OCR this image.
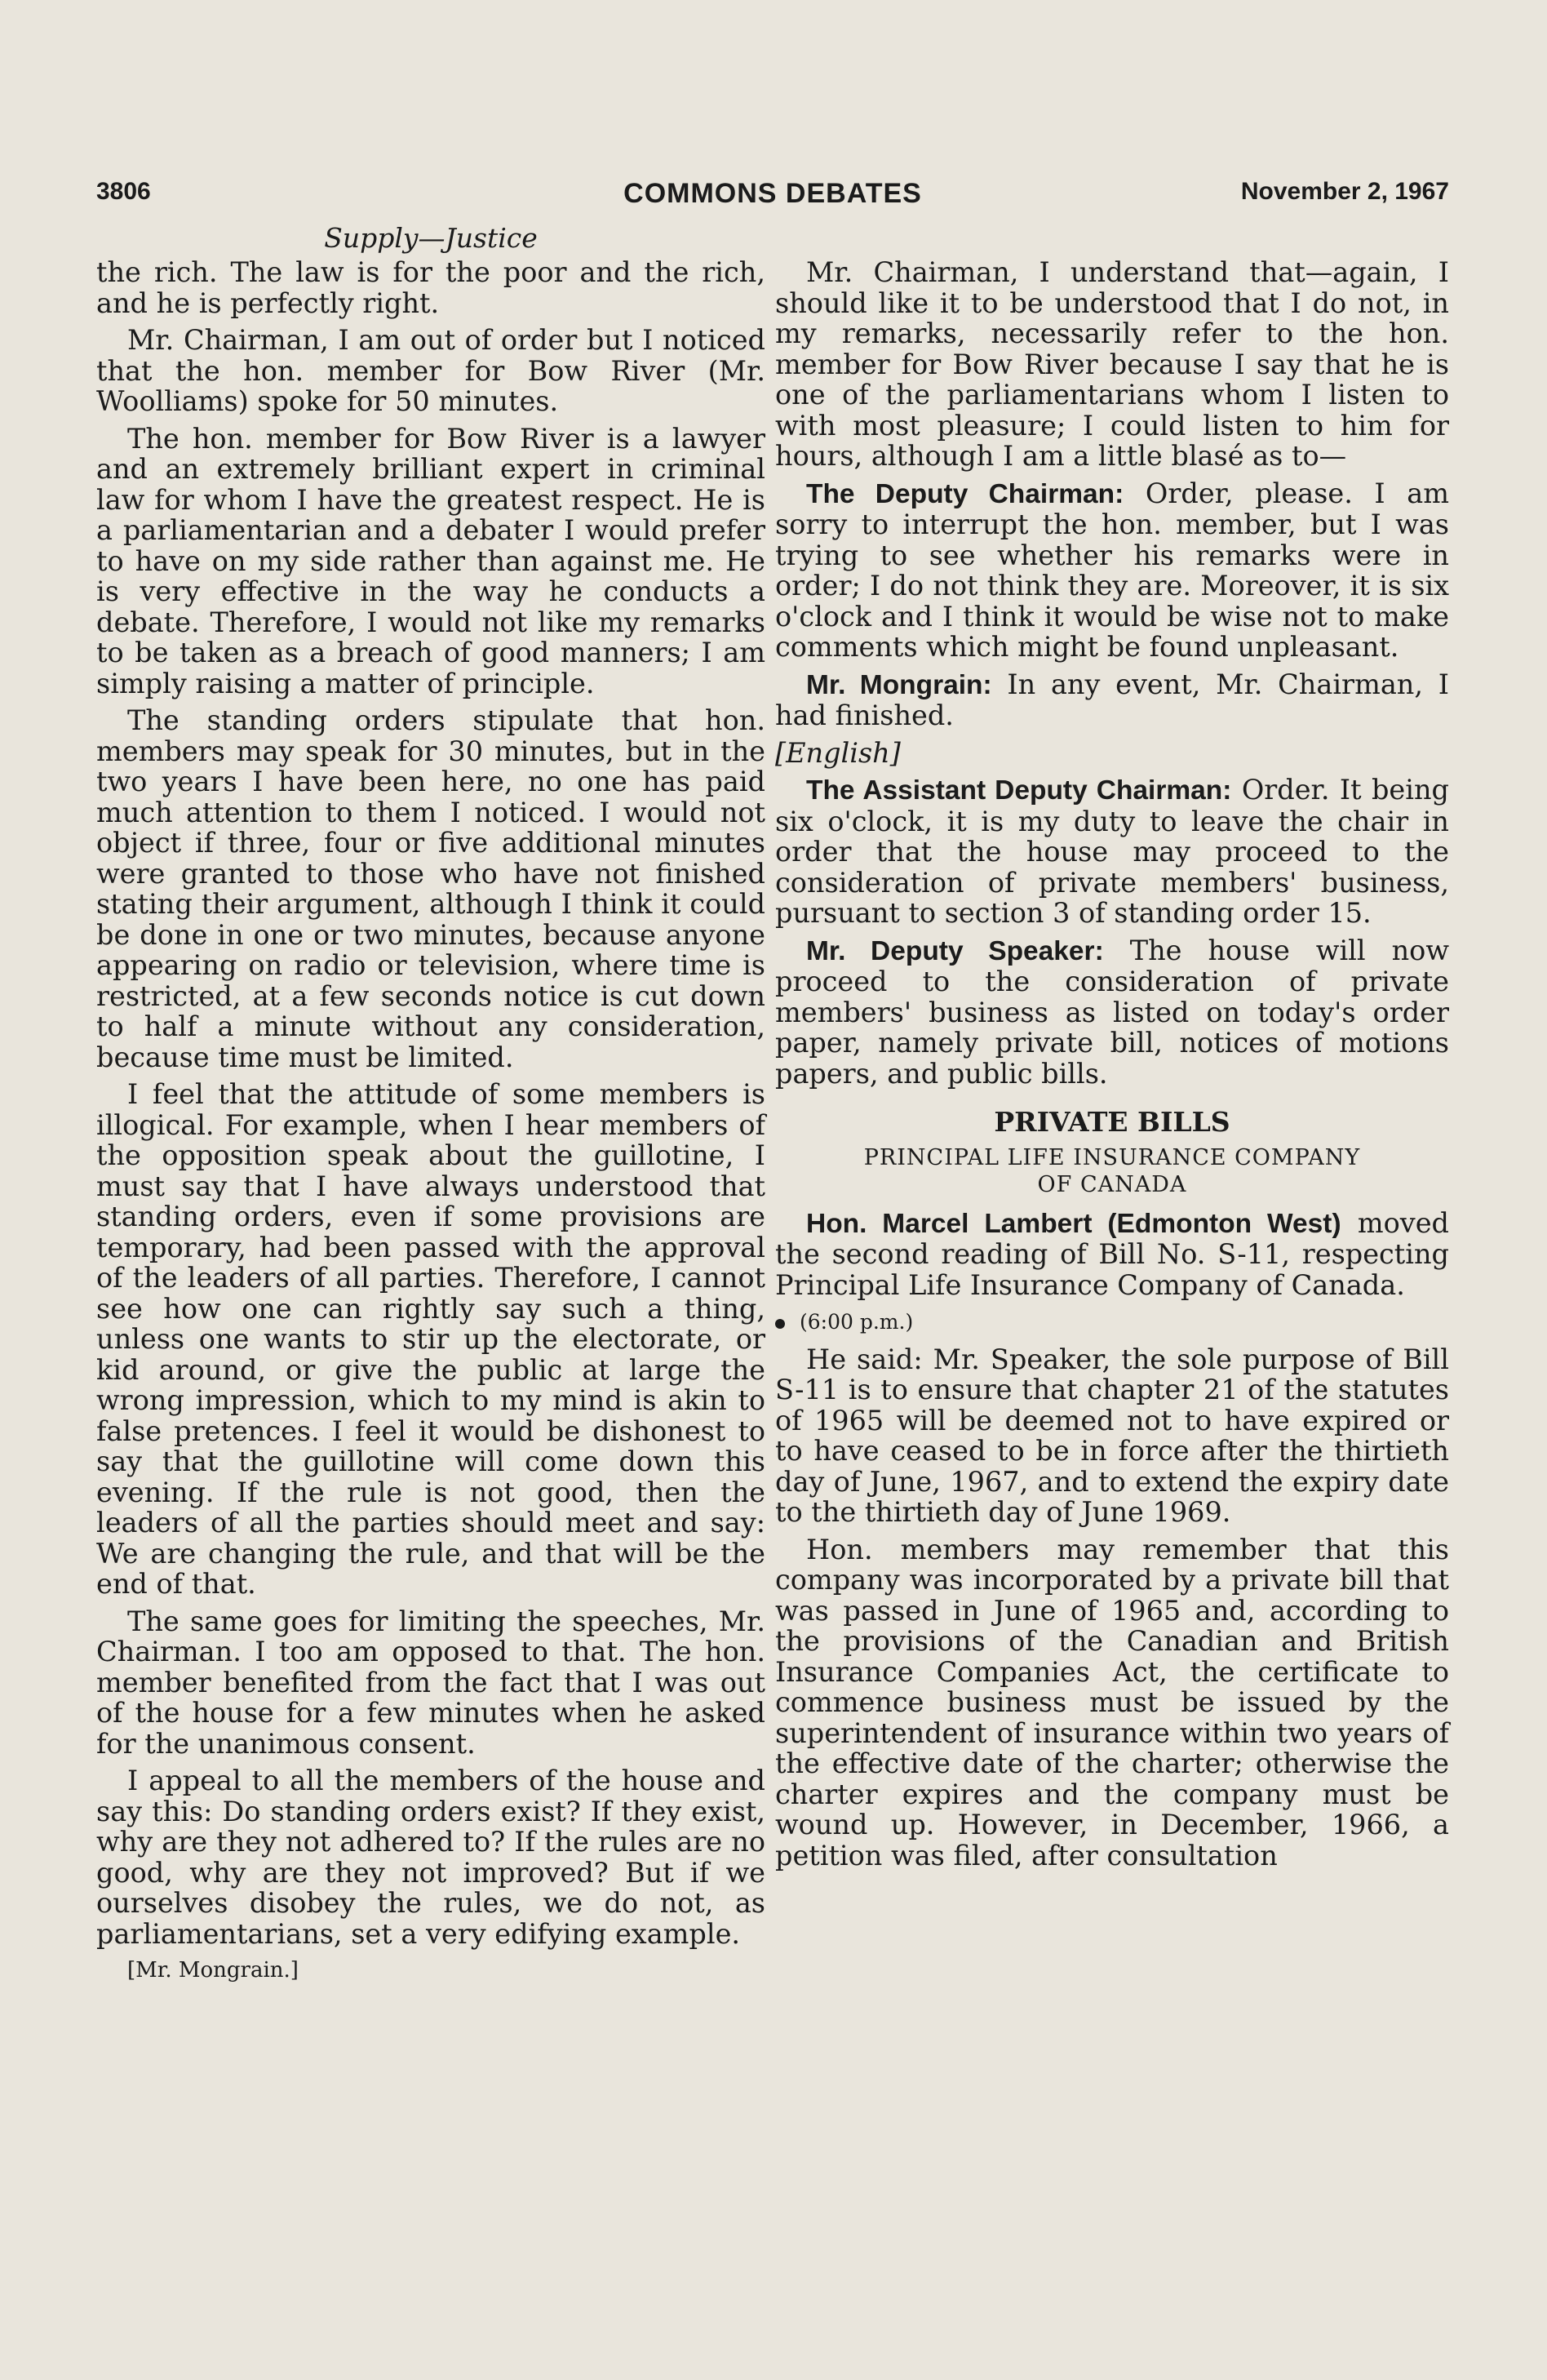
3806	COMMONS DEBATES	November 2, 1967
Supply—Justice

the rich. The law is for the poor and the rich, and he is perfectly right.

Mr. Chairman, I am out of order but I noticed that the hon. member for Bow River (Mr. Woolliams) spoke for 50 minutes.

The hon. member for Bow River is a lawyer and an extremely brilliant expert in criminal law for whom I have the greatest respect. He is a parliamentarian and a debater I would prefer to have on my side rather than against me. He is very effective in the way he conducts a debate. Therefore, I would not like my remarks to be taken as a breach of good manners; I am simply raising a matter of principle.

The standing orders stipulate that hon. members may speak for 30 minutes, but in the two years I have been here, no one has paid much attention to them I noticed. I would not object if three, four or five additional minutes were granted to those who have not finished stating their argument, although I think it could be done in one or two minutes, because anyone appearing on radio or television, where time is restricted, at a few seconds notice is cut down to half a minute without any consideration, because time must be limited.

I feel that the attitude of some members is illogical. For example, when I hear members of the opposition speak about the guillotine, I must say that I have always understood that standing orders, even if some provisions are temporary, had been passed with the approval of the leaders of all parties. Therefore, I cannot see how one can rightly say such a thing, unless one wants to stir up the electorate, or kid around, or give the public at large the wrong impression, which to my mind is akin to false pretences. I feel it would be dishonest to say that the guillotine will come down this evening. If the rule is not good, then the leaders of all the parties should meet and say: We are changing the rule, and that will be the end of that.

The same goes for limiting the speeches, Mr. Chairman. I too am opposed to that. The hon. member benefited from the fact that I was out of the house for a few minutes when he asked for the unanimous consent.

I appeal to all the members of the house and say this: Do standing orders exist? If they exist, why are they not adhered to? If the rules are no good, why are they not improved? But if we ourselves disobey the rules, we do not, as parliamentarians, set a very edifying example.

[Mr. Mongrain.]

Mr. Chairman, I understand that—again, I should like it to be understood that I do not, in my remarks, necessarily refer to the hon. member for Bow River because I say that he is one of the parliamentarians whom I listen to with most pleasure; I could listen to him for hours, although I am a little blasé as to—

The Deputy Chairman: Order, please. I am sorry to interrupt the hon. member, but I was trying to see whether his remarks were in order; I do not think they are. Moreover, it is six o'clock and I think it would be wise not to make comments which might be found unpleasant.

Mr. Mongrain: In any event, Mr. Chairman, I had finished.

[English]

The Assistant Deputy Chairman: Order. It being six o'clock, it is my duty to leave the chair in order that the house may proceed to the consideration of private members' business, pursuant to section 3 of standing order 15.

Mr. Deputy Speaker: The house will now proceed to the consideration of private members' business as listed on today's order paper, namely private bill, notices of motions papers, and public bills.

PRIVATE BILLS
PRINCIPAL LIFE INSURANCE COMPANY
OF CANADA

Hon. Marcel Lambert (Edmonton West) moved the second reading of Bill No. S-11, respecting Principal Life Insurance Company of Canada.

(6:00 p.m.)

He said: Mr. Speaker, the sole purpose of Bill S-11 is to ensure that chapter 21 of the statutes of 1965 will be deemed not to have expired or to have ceased to be in force after the thirtieth day of June, 1967, and to extend the expiry date to the thirtieth day of June 1969.

Hon. members may remember that this company was incorporated by a private bill that was passed in June of 1965 and, according to the provisions of the Canadian and British Insurance Companies Act, the certificate to commence business must be issued by the superintendent of insurance within two years of the effective date of the charter; otherwise the charter expires and the company must be wound up. However, in December, 1966, a petition was filed, after consultation
